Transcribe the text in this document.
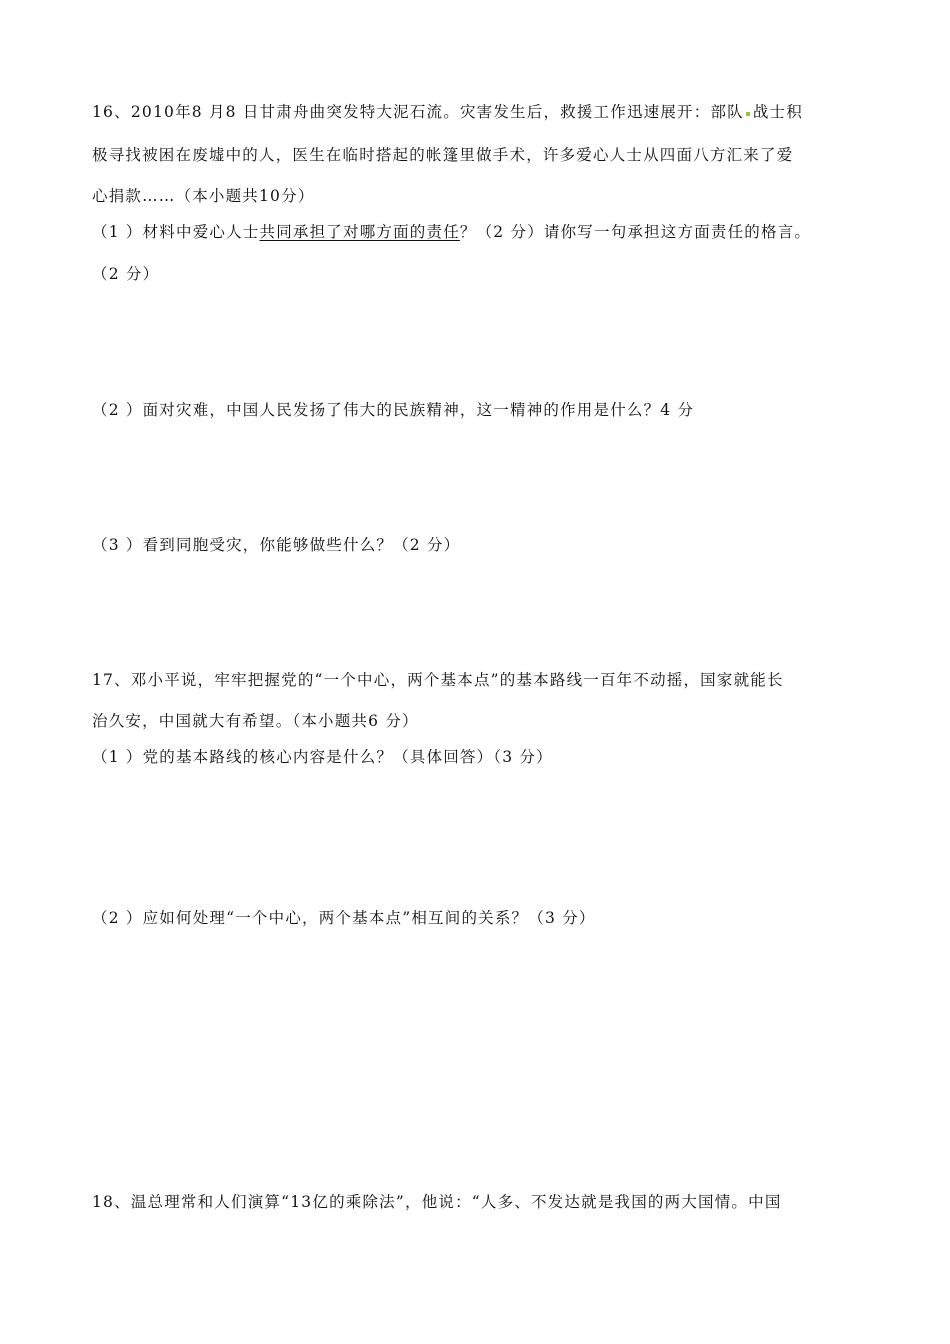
16、2010年8 月8 日甘肃舟曲突发特大泥石流。灾害发生后，救援工作迅速展开：部队 战士积
极寻找被困在废墟中的人，医生在临时搭起的帐篷里做手术，许多爱心人士从四面八方汇来了爱
心捐款……（本小题共10分）
（1 ）材料中爱心人士共同承担了对哪方面的责任？（2 分）请你写一句承担这方面责任的格言。
（2 分）
（2 ）面对灾难，中国人民发扬了伟大的民族精神，这一精神的作用是什么？4 分
（3 ）看到同胞受灾，你能够做些什么？（2 分）
17、邓小平说，牢牢把握党的“一个中心，两个基本点”的基本路线一百年不动摇，国家就能长
治久安，中国就大有希望。（本小题共6 分）
（1 ）党的基本路线的核心内容是什么？（具体回答）（3 分）
（2 ）应如何处理“一个中心，两个基本点”相互间的关系？（3 分）
18、温总理常和人们演算“13亿的乘除法”，他说：“人多、不发达就是我国的两大国情。中国
